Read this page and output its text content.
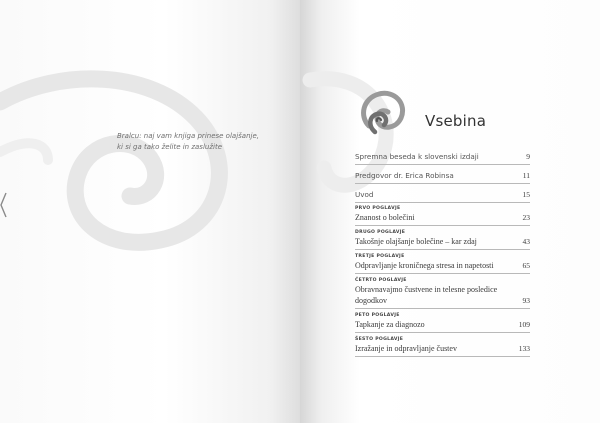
Bralcu: naj vam knjiga prinese olajšanje,
ki si ga tako želite in zaslužite
Vsebina
Spremna beseda k slovenski izdaji	9
Predgovor dr. Erica Robinsa	11
Uvod	15
PRVO POGLAVJE
Znanost o bolečini	23
DRUGO POGLAVJE
Takošnje olajšanje bolečine – kar zdaj	43
TRETJE POGLAVJE
Odpravljanje kroničnega stresa in napetosti	65
ČETRTO POGLAVJE
Obravnavajmo čustvene in telesne posledice dogodkov	93
PETO POGLAVJE
Tapkanje za diagnozo	109
ŠESTO POGLAVJE
Izražanje in odpravljanje čustev	133
